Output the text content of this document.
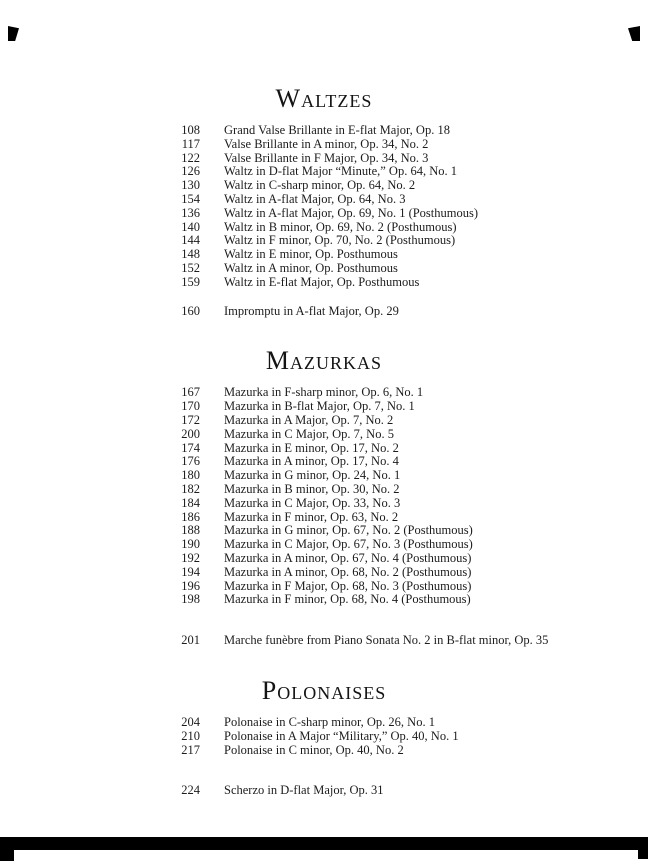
Waltzes
108 Grand Valse Brillante in E-flat Major, Op. 18
117 Valse Brillante in A minor, Op. 34, No. 2
122 Valse Brillante in F Major, Op. 34, No. 3
126 Waltz in D-flat Major “Minute,” Op. 64, No. 1
130 Waltz in C-sharp minor, Op. 64, No. 2
154 Waltz in A-flat Major, Op. 64, No. 3
136 Waltz in A-flat Major, Op. 69, No. 1 (Posthumous)
140 Waltz in B minor, Op. 69, No. 2 (Posthumous)
144 Waltz in F minor, Op. 70, No. 2 (Posthumous)
148 Waltz in E minor, Op. Posthumous
152 Waltz in A minor, Op. Posthumous
159 Waltz in E-flat Major, Op. Posthumous
160 Impromptu in A-flat Major, Op. 29
Mazurkas
167 Mazurka in F-sharp minor, Op. 6, No. 1
170 Mazurka in B-flat Major, Op. 7, No. 1
172 Mazurka in A Major, Op. 7, No. 2
200 Mazurka in C Major, Op. 7, No. 5
174 Mazurka in E minor, Op. 17, No. 2
176 Mazurka in A minor, Op. 17, No. 4
180 Mazurka in G minor, Op. 24, No. 1
182 Mazurka in B minor, Op. 30, No. 2
184 Mazurka in C Major, Op. 33, No. 3
186 Mazurka in F minor, Op. 63, No. 2
188 Mazurka in G minor, Op. 67, No. 2 (Posthumous)
190 Mazurka in C Major, Op. 67, No. 3 (Posthumous)
192 Mazurka in A minor, Op. 67, No. 4 (Posthumous)
194 Mazurka in A minor, Op. 68, No. 2 (Posthumous)
196 Mazurka in F Major, Op. 68, No. 3 (Posthumous)
198 Mazurka in F minor, Op. 68, No. 4 (Posthumous)
201 Marche funèbre from Piano Sonata No. 2 in B-flat minor, Op. 35
Polonaises
204 Polonaise in C-sharp minor, Op. 26, No. 1
210 Polonaise in A Major “Military,” Op. 40, No. 1
217 Polonaise in C minor, Op. 40, No. 2
224 Scherzo in D-flat Major, Op. 31
